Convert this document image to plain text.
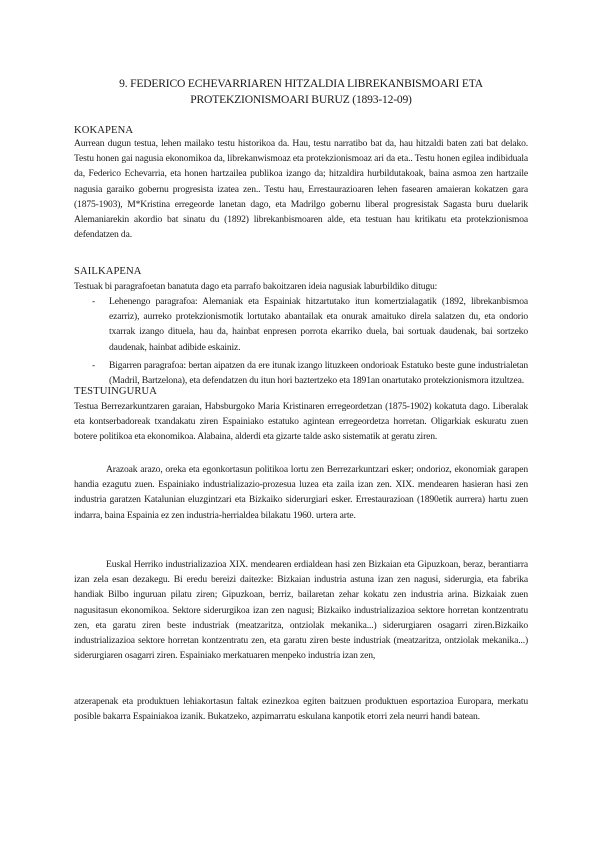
9. FEDERICO ECHEVARRIAREN HITZALDIA LIBREKANBISMOARI ETA PROTEKZIONISMOARI BURUZ (1893-12-09)
KOKAPENA
Aurrean dugun testua, lehen mailako testu historikoa da. Hau, testu narratibo bat da, hau hitzaldi baten zati bat delako. Testu honen gai nagusia ekonomikoa da, librekanwismoaz eta protekzionismoaz ari da eta.. Testu honen egilea indibiduala da, Federico Echevarria, eta honen hartzailea publikoa izango da; hitzaldira hurbildutakoak, baina asmoa zen hartzaile nagusia garaiko gobernu progresista izatea zen.. Testu hau, Errestaurazioaren lehen fasearen amaieran kokatzen gara (1875-1903), M*Kristina erregeorde lanetan dago, eta Madrilgo gobernu liberal progresistak Sagasta buru duelarik Alemaniarekin akordio bat sinatu du (1892) librekanbismoaren alde, eta testuan hau kritikatu eta protekzionismoa defendatzen da.
SAILKAPENA
Testuak bi paragrafoetan banatuta dago eta parrafo bakoitzaren ideia nagusiak laburbildiko ditugu:
- Lehenengo paragrafoa: Alemaniak eta Espainiak hitzartutako itun komertzialagatik (1892, librekanbismoa ezarriz), aurreko protekzionismotik lortutako abantailak eta onurak amaituko direla salatzen du, eta ondorio txarrak izango dituela, hau da, hainbat enpresen porrota ekarriko duela, bai sortuak daudenak, bai sortzeko daudenak, hainbat adibide eskainiz.
- Bigarren paragrafoa: bertan aipatzen da ere itunak izango lituzkeen ondorioak Estatuko beste gune industrialetan (Madril, Bartzelona), eta defendatzen du itun hori baztertzeko eta 1891an onartutako protekzionismora itzultzea.
TESTUINGURUA
Testua Berrezarkuntzaren garaian, Habsburgoko Maria Kristinaren erregeordetzan (1875-1902) kokatuta dago. Liberalak eta kontserbadoreak txandakatu ziren Espainiako estatuko agintean erregeordetza horretan. Oligarkiak eskuratu zuen botere politikoa eta ekonomikoa. Alabaina, alderdi eta gizarte talde asko sistematik at geratu ziren.
Arazoak arazo, oreka eta egonkortasun politikoa lortu zen Berrezarkuntzari esker; ondorioz, ekonomiak garapen handia ezagutu zuen. Espainiako industrializazio-prozesua luzea eta zaila izan zen. XIX. mendearen hasieran hasi zen industria garatzen Katalunian eluzgintzari eta Bizkaiko siderurgiari esker. Errestaurazioan (1890etik aurrera) hartu zuen indarra, baina Espainia ez zen industria-herrialdea bilakatu 1960. urtera arte.
Euskal Herriko industrializazioa XIX. mendearen erdialdean hasi zen Bizkaian eta Gipuzkoan, beraz, berantiarra izan zela esan dezakegu. Bi eredu bereizi daitezke: Bizkaian industria astuna izan zen nagusi, siderurgia, eta fabrika handiak Bilbo inguruan pilatu ziren; Gipuzkoan, berriz, bailaretan zehar kokatu zen industria arina. Bizkaiak zuen nagusitasun ekonomikoa. Sektore siderurgikoa izan zen nagusi; Bizkaiko industrializazioa sektore horretan kontzentratu zen, eta garatu ziren beste industriak (meatzaritza, ontziolak mekanika...) siderurgiaren osagarri ziren.Bizkaiko industrializazioa sektore horretan kontzentratu zen, eta garatu ziren beste industriak (meatzaritza, ontziolak mekanika...) siderurgiaren osagarri ziren. Espainiako merkatuaren menpeko industria izan zen,
atzerapenak eta produktuen lehiakortasun faltak ezinezkoa egiten baitzuen produktuen esportazioa Europara, merkatu posible bakarra Espainiakoa izanik. Bukatzeko, azpimarratu eskulana kanpotik etorri zela neurri handi batean.
